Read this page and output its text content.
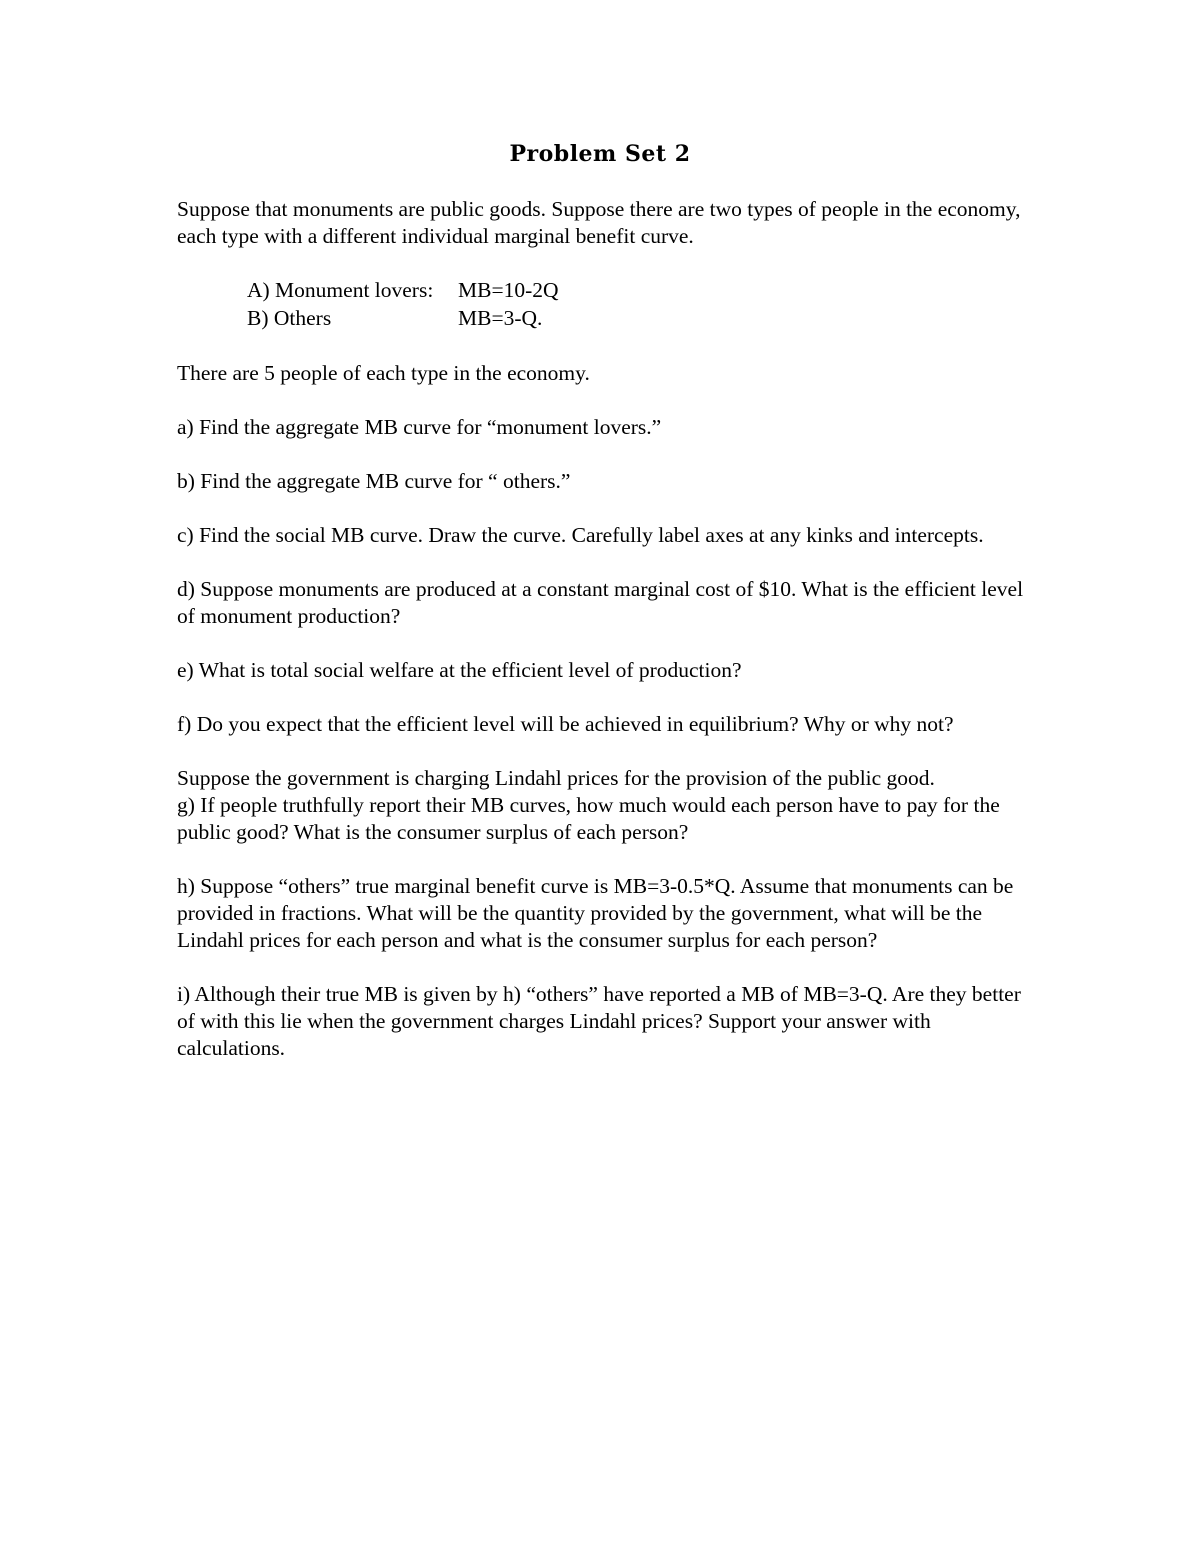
Problem Set 2

Suppose that monuments are public goods. Suppose there are two types of people in the economy, each type with a different individual marginal benefit curve.

A) Monument lovers:	MB=10-2Q
B) Others	MB=3-Q.

There are 5 people of each type in the economy.

a) Find the aggregate MB curve for “monument lovers.”

b) Find the aggregate MB curve for “ others.”

c) Find the social MB curve. Draw the curve. Carefully label axes at any kinks and intercepts.

d) Suppose monuments are produced at a constant marginal cost of $10. What is the efficient level of monument production?

e) What is total social welfare at the efficient level of production?

f) Do you expect that the efficient level will be achieved in equilibrium? Why or why not?

Suppose the government is charging Lindahl prices for the provision of the public good.

g) If people truthfully report their MB curves, how much would each person have to pay for the public good? What is the consumer surplus of each person?

h) Suppose “others” true marginal benefit curve is MB=3-0.5*Q. Assume that monuments can be provided in fractions. What will be the quantity provided by the government, what will be the Lindahl prices for each person and what is the consumer surplus for each person?

i) Although their true MB is given by h) “others” have reported a MB of MB=3-Q. Are they better of with this lie when the government charges Lindahl prices? Support your answer with calculations.
